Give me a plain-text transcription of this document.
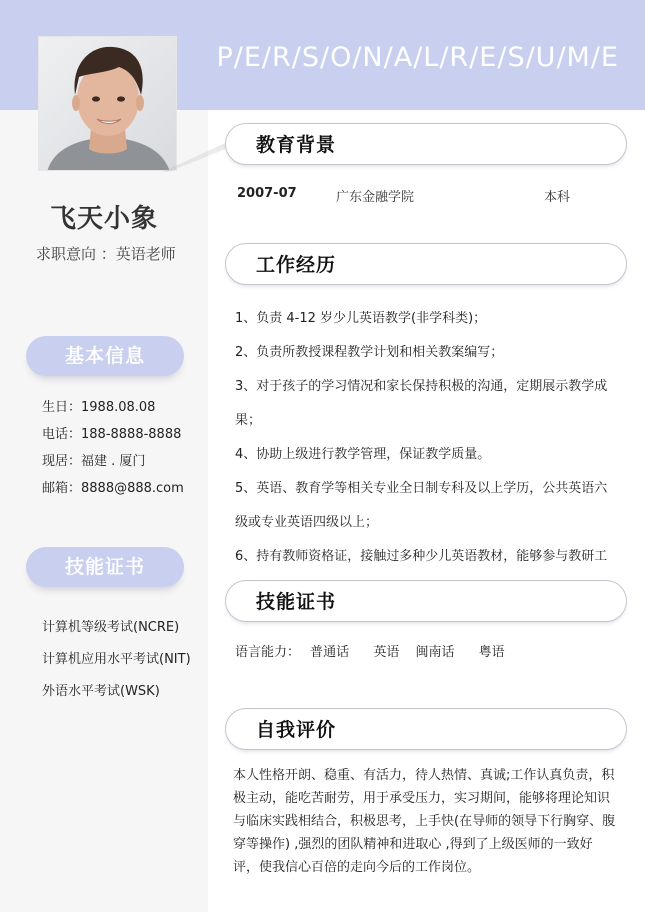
P/E/R/S/O/N/A/L/R/E/S/U/M/E
飞天小象
求职意向 ：英语老师
基本信息
生日：1988.08.08
电话：188-8888-8888
现居：福建 . 厦门
邮箱：8888@888.com
技能证书
计算机等级考试(NCRE)
计算机应用水平考试(NIT)
外语水平考试(WSK)
教育背景
2007-07	广东金融学院	本科
工作经历
1、负责 4-12 岁少儿英语教学(非学科类)；
2、负责所教授课程教学计划和相关教案编写；
3、对于孩子的学习情况和家长保持积极的沟通，定期展示教学成
果；
4、协助上级进行教学管理，保证教学质量。
5、英语、教育学等相关专业全日制专科及以上学历，公共英语六
级或专业英语四级以上；
6、持有教师资格证，接触过多种少儿英语教材，能够参与教研工
技能证书
语言能力： 普通话 英语 闽南话 粤语
自我评价
本人性格开朗、稳重、有活力，待人热情、真诚;工作认真负责，积极主动，能吃苦耐劳，用于承受压力，实习期间，能够将理论知识与临床实践相结合，积极思考，上手快(在导师的领导下行胸穿、腹穿等操作) ,强烈的团队精神和进取心 ,得到了上级医师的一致好评，使我信心百倍的走向今后的工作岗位。
